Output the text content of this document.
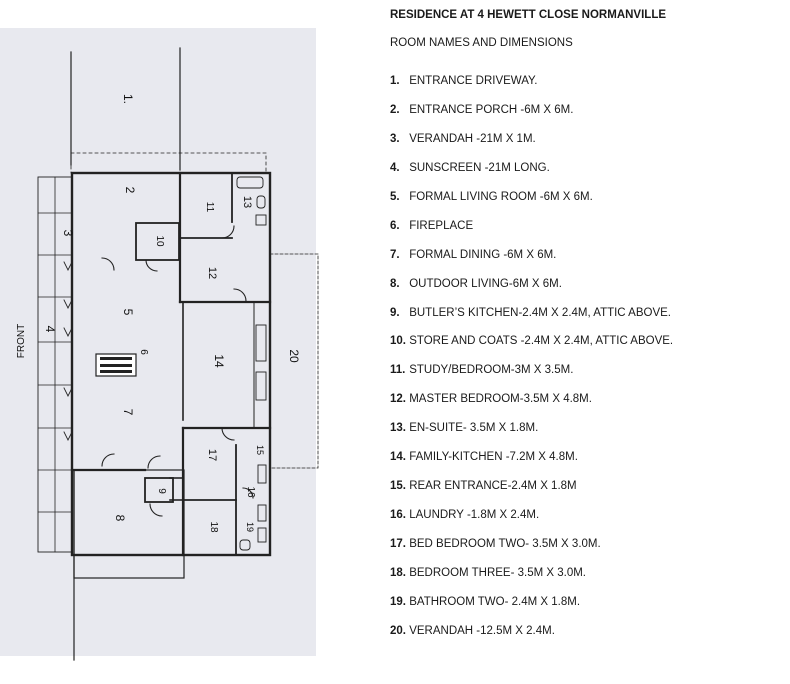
1.
2
3
4
5
6
7
8
9
10
11
12
13
14
15
16
17
18	19
20
FRONT

RESIDENCE AT 4 HEWETT CLOSE NORMANVILLE

ROOM NAMES AND DIMENSIONS

1. ENTRANCE DRIVEWAY.
2. ENTRANCE PORCH -6M X 6M.
3. VERANDAH -21M X 1M.
4. SUNSCREEN -21M LONG.
5. FORMAL LIVING ROOM -6M X 6M.
6. FIREPLACE
7. FORMAL DINING -6M X 6M.
8. OUTDOOR LIVING-6M X 6M.
9. BUTLER’S KITCHEN-2.4M X 2.4M, ATTIC ABOVE.
10. STORE AND COATS -2.4M X 2.4M, ATTIC ABOVE.
11. STUDY/BEDROOM-3M X 3.5M.
12. MASTER BEDROOM-3.5M X 4.8M.
13. EN-SUITE- 3.5M X 1.8M.
14. FAMILY-KITCHEN -7.2M X 4.8M.
15. REAR ENTRANCE-2.4M X 1.8M
16. LAUNDRY -1.8M X 2.4M.
17. BED BEDROOM TWO- 3.5M X 3.0M.
18. BEDROOM THREE- 3.5M X 3.0M.
19. BATHROOM TWO- 2.4M X 1.8M.
20. VERANDAH -12.5M X 2.4M.
